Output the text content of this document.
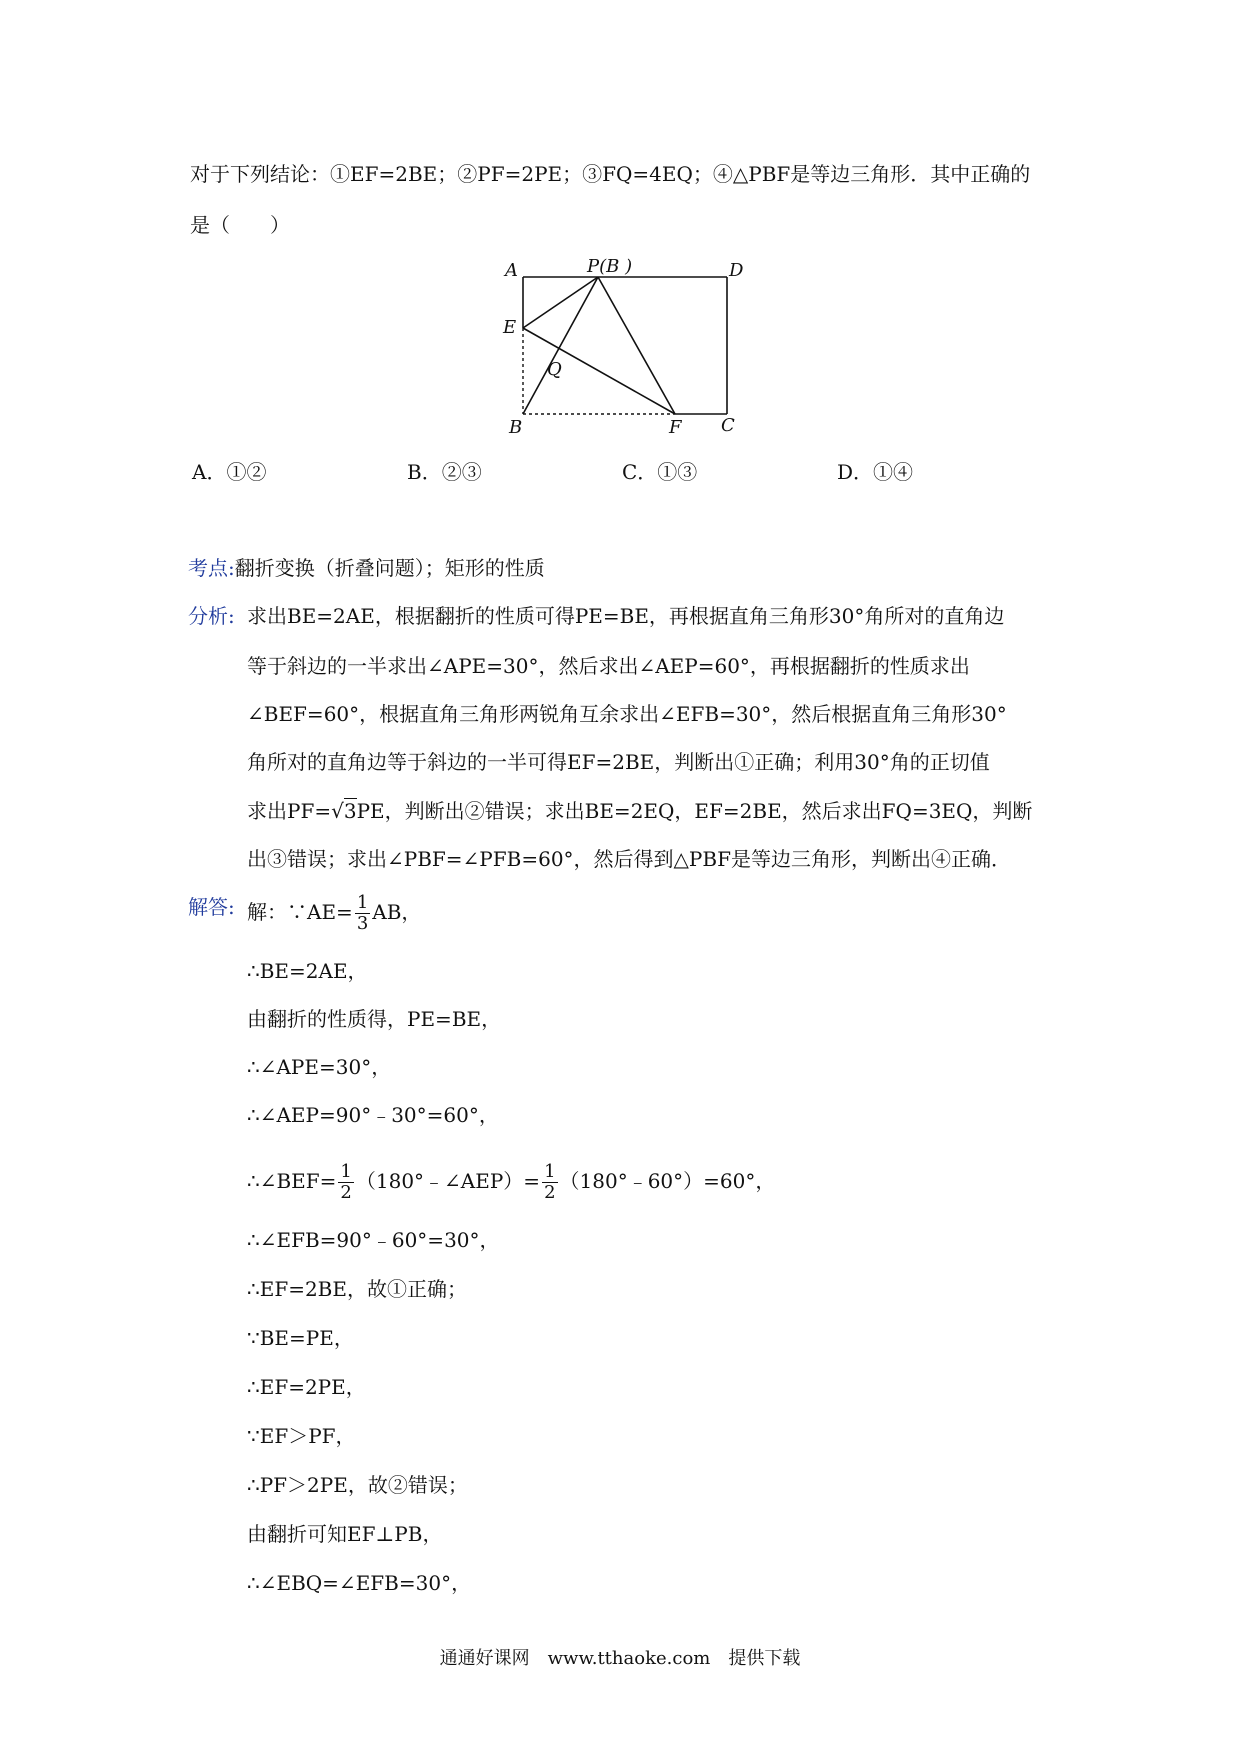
对于下列结论：①EF=2BE；②PF=2PE；③FQ=4EQ；④△PBF是等边三角形．其中正确的
是（　　）
A	P(B )	D
E
Q
B	F C
A．①②	B．②③	C．①③	D．①④
考点:翻折变换（折叠问题）；矩形的性质
分析: 求出BE=2AE，根据翻折的性质可得PE=BE，再根据直角三角形30°角所对的直角边
等于斜边的一半求出∠APE=30°，然后求出∠AEP=60°，再根据翻折的性质求出
∠BEF=60°，根据直角三角形两锐角互余求出∠EFB=30°，然后根据直角三角形30°
角所对的直角边等于斜边的一半可得EF=2BE，判断出①正确；利用30°角的正切值
求出PF=√3PE，判断出②错误；求出BE=2EQ，EF=2BE，然后求出FQ=3EQ，判断
出③错误；求出∠PBF=∠PFB=60°，然后得到△PBF是等边三角形，判断出④正确．
解答: 解：∵AE= $\frac{1}{3}$ AB，
∴BE=2AE，
由翻折的性质得，PE=BE，
∴∠APE=30°，
∴∠AEP=90°﹣30°=60°，
∴∠BEF= $\frac{1}{2}$ （180°﹣∠AEP）= $\frac{1}{2}$ （180°﹣60°）=60°，
∴∠EFB=90°﹣60°=30°，
∴EF=2BE，故①正确；
∵BE=PE，
∴EF=2PE，
∵EF＞PF，
∴PF＞2PE，故②错误；
由翻折可知EF⊥PB，
∴∠EBQ=∠EFB=30°，
通通好课网　www.tthaoke.com　提供下载
